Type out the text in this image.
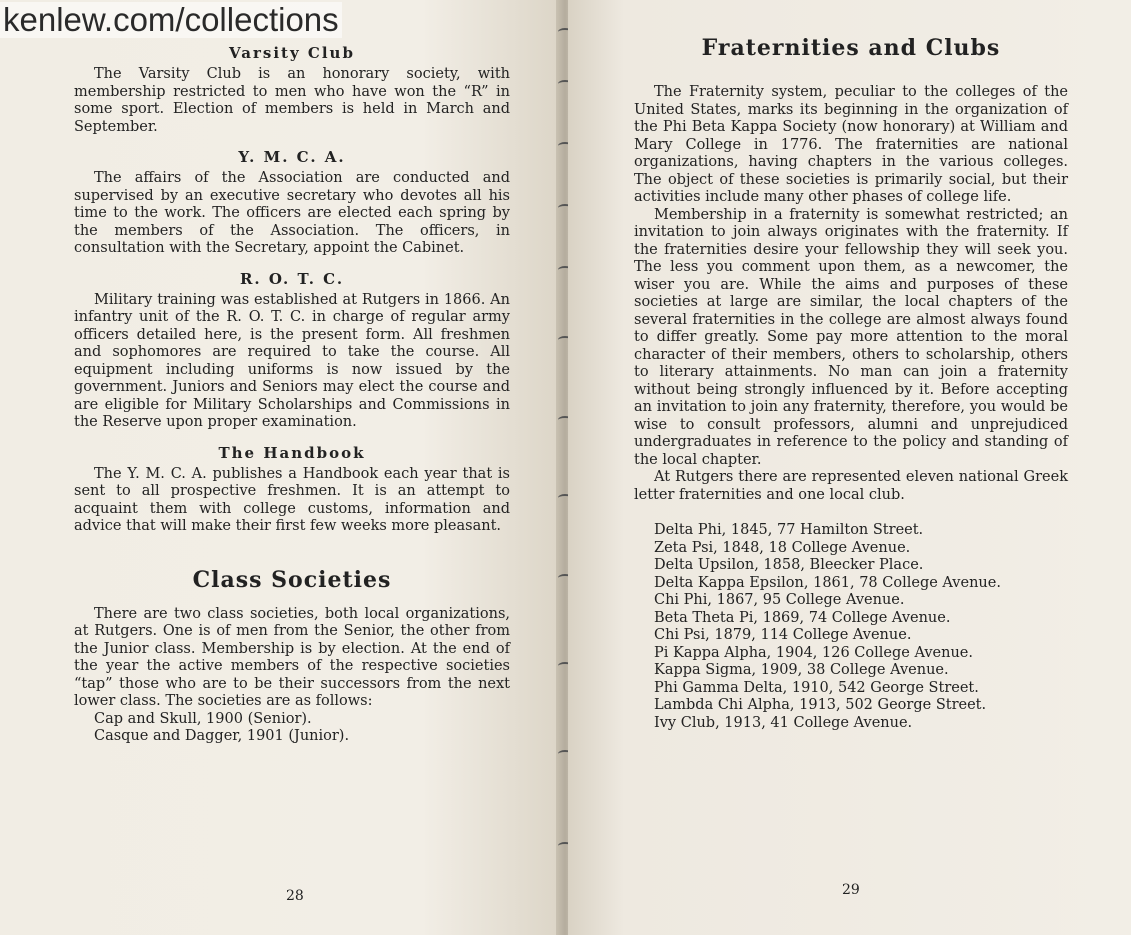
Varsity Club

The Varsity Club is an honorary society, with membership restricted to men who have won the “R” in some sport. Election of members is held in March and September.

Y. M. C. A.

The affairs of the Association are conducted and supervised by an executive secretary who devotes all his time to the work. The officers are elected each spring by the members of the Association. The officers, in consultation with the Secretary, appoint the Cabinet.

R. O. T. C.

Military training was established at Rutgers in 1866. An infantry unit of the R. O. T. C. in charge of regular army officers detailed here, is the present form. All freshmen and sophomores are required to take the course. All equipment including uniforms is now issued by the government. Juniors and Seniors may elect the course and are eligible for Military Scholarships and Commissions in the Reserve upon proper examination.

The Handbook

The Y. M. C. A. publishes a Handbook each year that is sent to all prospective freshmen. It is an attempt to acquaint them with college customs, information and advice that will make their first few weeks more pleasant.

Class Societies

There are two class societies, both local organizations, at Rutgers. One is of men from the Senior, the other from the Junior class. Membership is by election. At the end of the year the active members of the respective societies “tap” those who are to be their successors from the next lower class. The societies are as follows:

Cap and Skull, 1900 (Senior).

Casque and Dagger, 1901 (Junior).

28
Fraternities and Clubs

The Fraternity system, peculiar to the colleges of the United States, marks its beginning in the organization of the Phi Beta Kappa Society (now honorary) at William and Mary College in 1776. The fraternities are national organizations, having chapters in the various colleges. The object of these societies is primarily social, but their activities include many other phases of college life.

Membership in a fraternity is somewhat restricted; an invitation to join always originates with the fraternity. If the fraternities desire your fellowship they will seek you. The less you comment upon them, as a newcomer, the wiser you are. While the aims and purposes of these societies at large are similar, the local chapters of the several fraternities in the college are almost always found to differ greatly. Some pay more attention to the moral character of their members, others to scholarship, others to literary attainments. No man can join a fraternity without being strongly influenced by it. Before accepting an invitation to join any fraternity, therefore, you would be wise to consult professors, alumni and unprejudiced undergraduates in reference to the policy and standing of the local chapter.

At Rutgers there are represented eleven national Greek letter fraternities and one local club.

Delta Phi, 1845, 77 Hamilton Street.

Zeta Psi, 1848, 18 College Avenue.

Delta Upsilon, 1858, Bleecker Place.

Delta Kappa Epsilon, 1861, 78 College Avenue.

Chi Phi, 1867, 95 College Avenue.

Beta Theta Pi, 1869, 74 College Avenue.

Chi Psi, 1879, 114 College Avenue.

Pi Kappa Alpha, 1904, 126 College Avenue.

Kappa Sigma, 1909, 38 College Avenue.

Phi Gamma Delta, 1910, 542 George Street.

Lambda Chi Alpha, 1913, 502 George Street.

Ivy Club, 1913, 41 College Avenue.

29
kenlew.com/collections
